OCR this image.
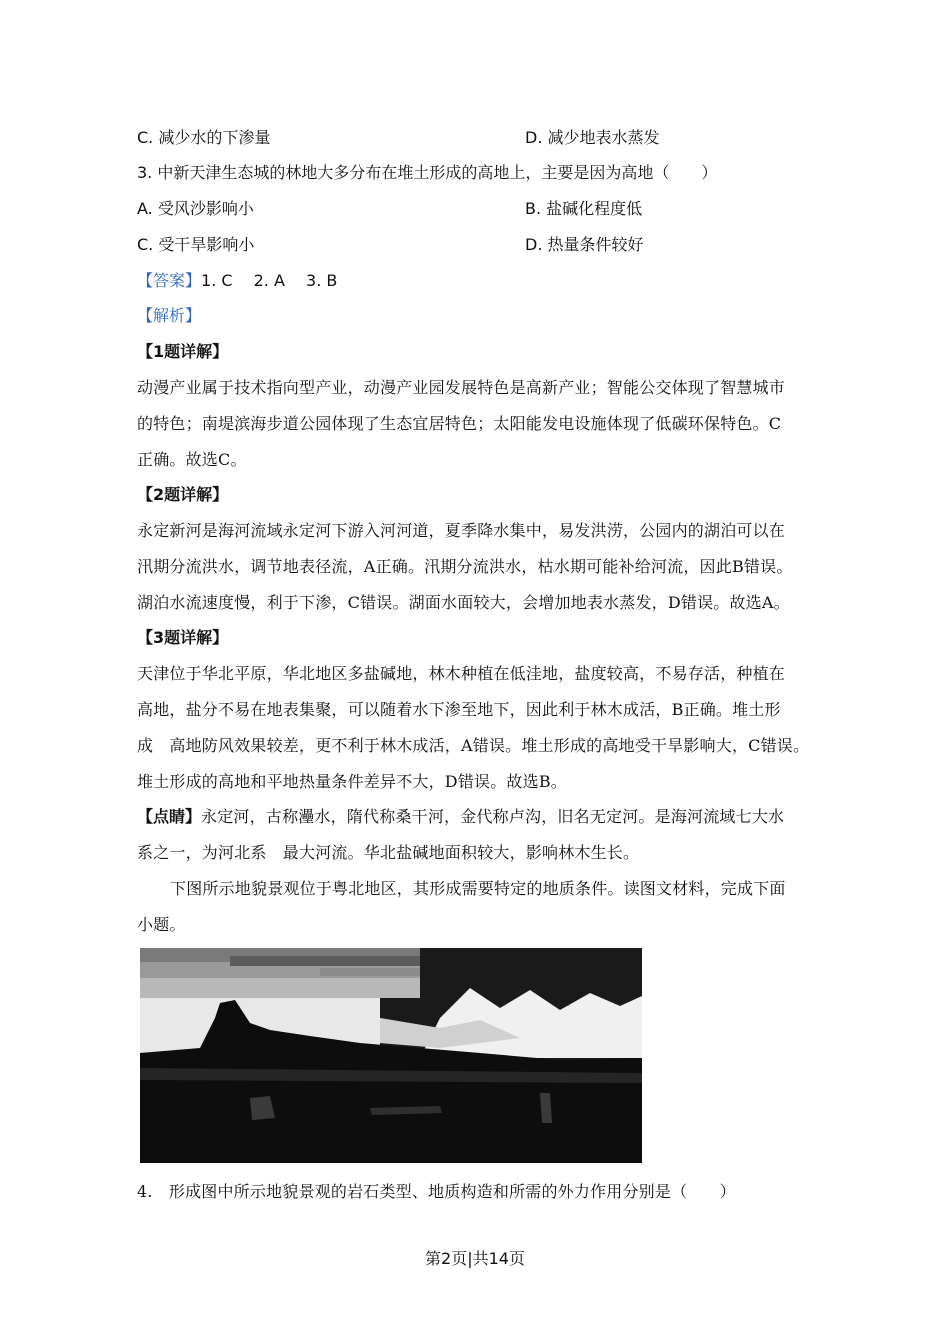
C. 减少水的下渗量	D. 减少地表水蒸发
3. 中新天津生态城的林地大多分布在堆土形成的高地上，主要是因为高地（　　）
A. 受风沙影响小	B. 盐碱化程度低
C. 受干旱影响小	D. 热量条件较好
【答案】1. C　 2. A　 3. B
【解析】
【1题详解】
动漫产业属于技术指向型产业，动漫产业园发展特色是高新产业；智能公交体现了智慧城市
的特色；南堤滨海步道公园体现了生态宜居特色；太阳能发电设施体现了低碳环保特色。C
正确。故选C。
【2题详解】
永定新河是海河流域永定河下游入河河道，夏季降水集中，易发洪涝，公园内的湖泊可以在
汛期分流洪水，调节地表径流，A正确。汛期分流洪水，枯水期可能补给河流，因此B错误。
湖泊水流速度慢，利于下渗，C错误。湖面水面较大，会增加地表水蒸发，D错误。故选A。
【3题详解】
天津位于华北平原，华北地区多盐碱地，林木种植在低洼地，盐度较高，不易存活，种植在
高地，盐分不易在地表集聚，可以随着水下渗至地下，因此利于林木成活，B正确。堆土形
成　高地防风效果较差，更不利于林木成活，A错误。堆土形成的高地受干旱影响大，C错误。
堆土形成的高地和平地热量条件差异不大，D错误。故选B。
【点睛】永定河，古称灅水，隋代称桑干河，金代称卢沟，旧名无定河。是海河流域七大水
系之一，为河北系　最大河流。华北盐碱地面积较大，影响林木生长。
下图所示地貌景观位于粤北地区，其形成需要特定的地质条件。读图文材料，完成下面
小题。
4.　形成图中所示地貌景观的岩石类型、地质构造和所需的外力作用分别是（　　）
第2页|共14页
